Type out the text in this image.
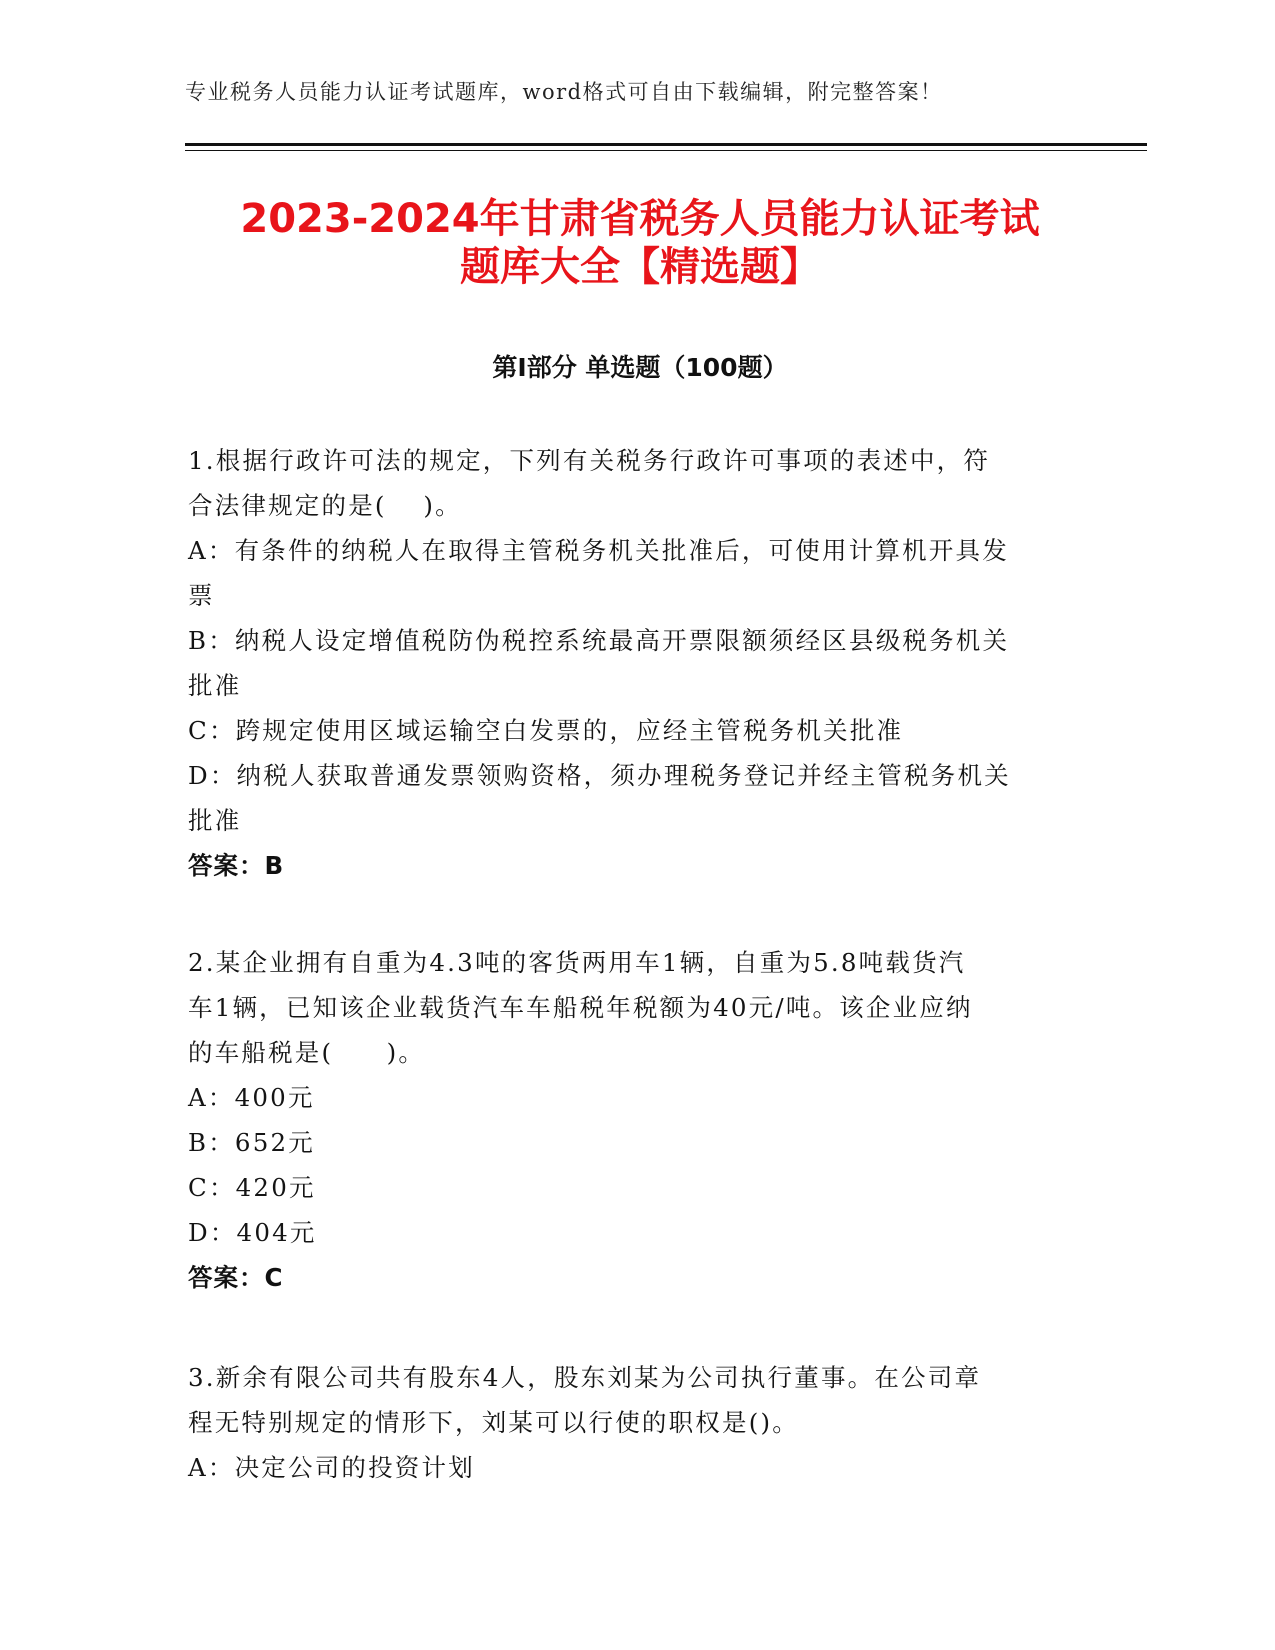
专业税务人员能力认证考试题库，word格式可自由下载编辑，附完整答案！
2023-2024年甘肃省税务人员能力认证考试
题库大全【精选题】
第Ⅰ部分 单选题（100题）
1.根据行政许可法的规定，下列有关税务行政许可事项的表述中，符
合法律规定的是(　 )。
A：有条件的纳税人在取得主管税务机关批准后，可使用计算机开具发
票
B：纳税人设定增值税防伪税控系统最高开票限额须经区县级税务机关
批准
C：跨规定使用区域运输空白发票的，应经主管税务机关批准
D：纳税人获取普通发票领购资格，须办理税务登记并经主管税务机关
批准
答案：B
2.某企业拥有自重为4.3吨的客货两用车1辆，自重为5.8吨载货汽
车1辆，已知该企业载货汽车车船税年税额为40元/吨。该企业应纳
的车船税是(　　)。
A：400元
B：652元
C：420元
D：404元
答案：C
3.新余有限公司共有股东4人，股东刘某为公司执行董事。在公司章
程无特别规定的情形下，刘某可以行使的职权是()。
A：决定公司的投资计划
